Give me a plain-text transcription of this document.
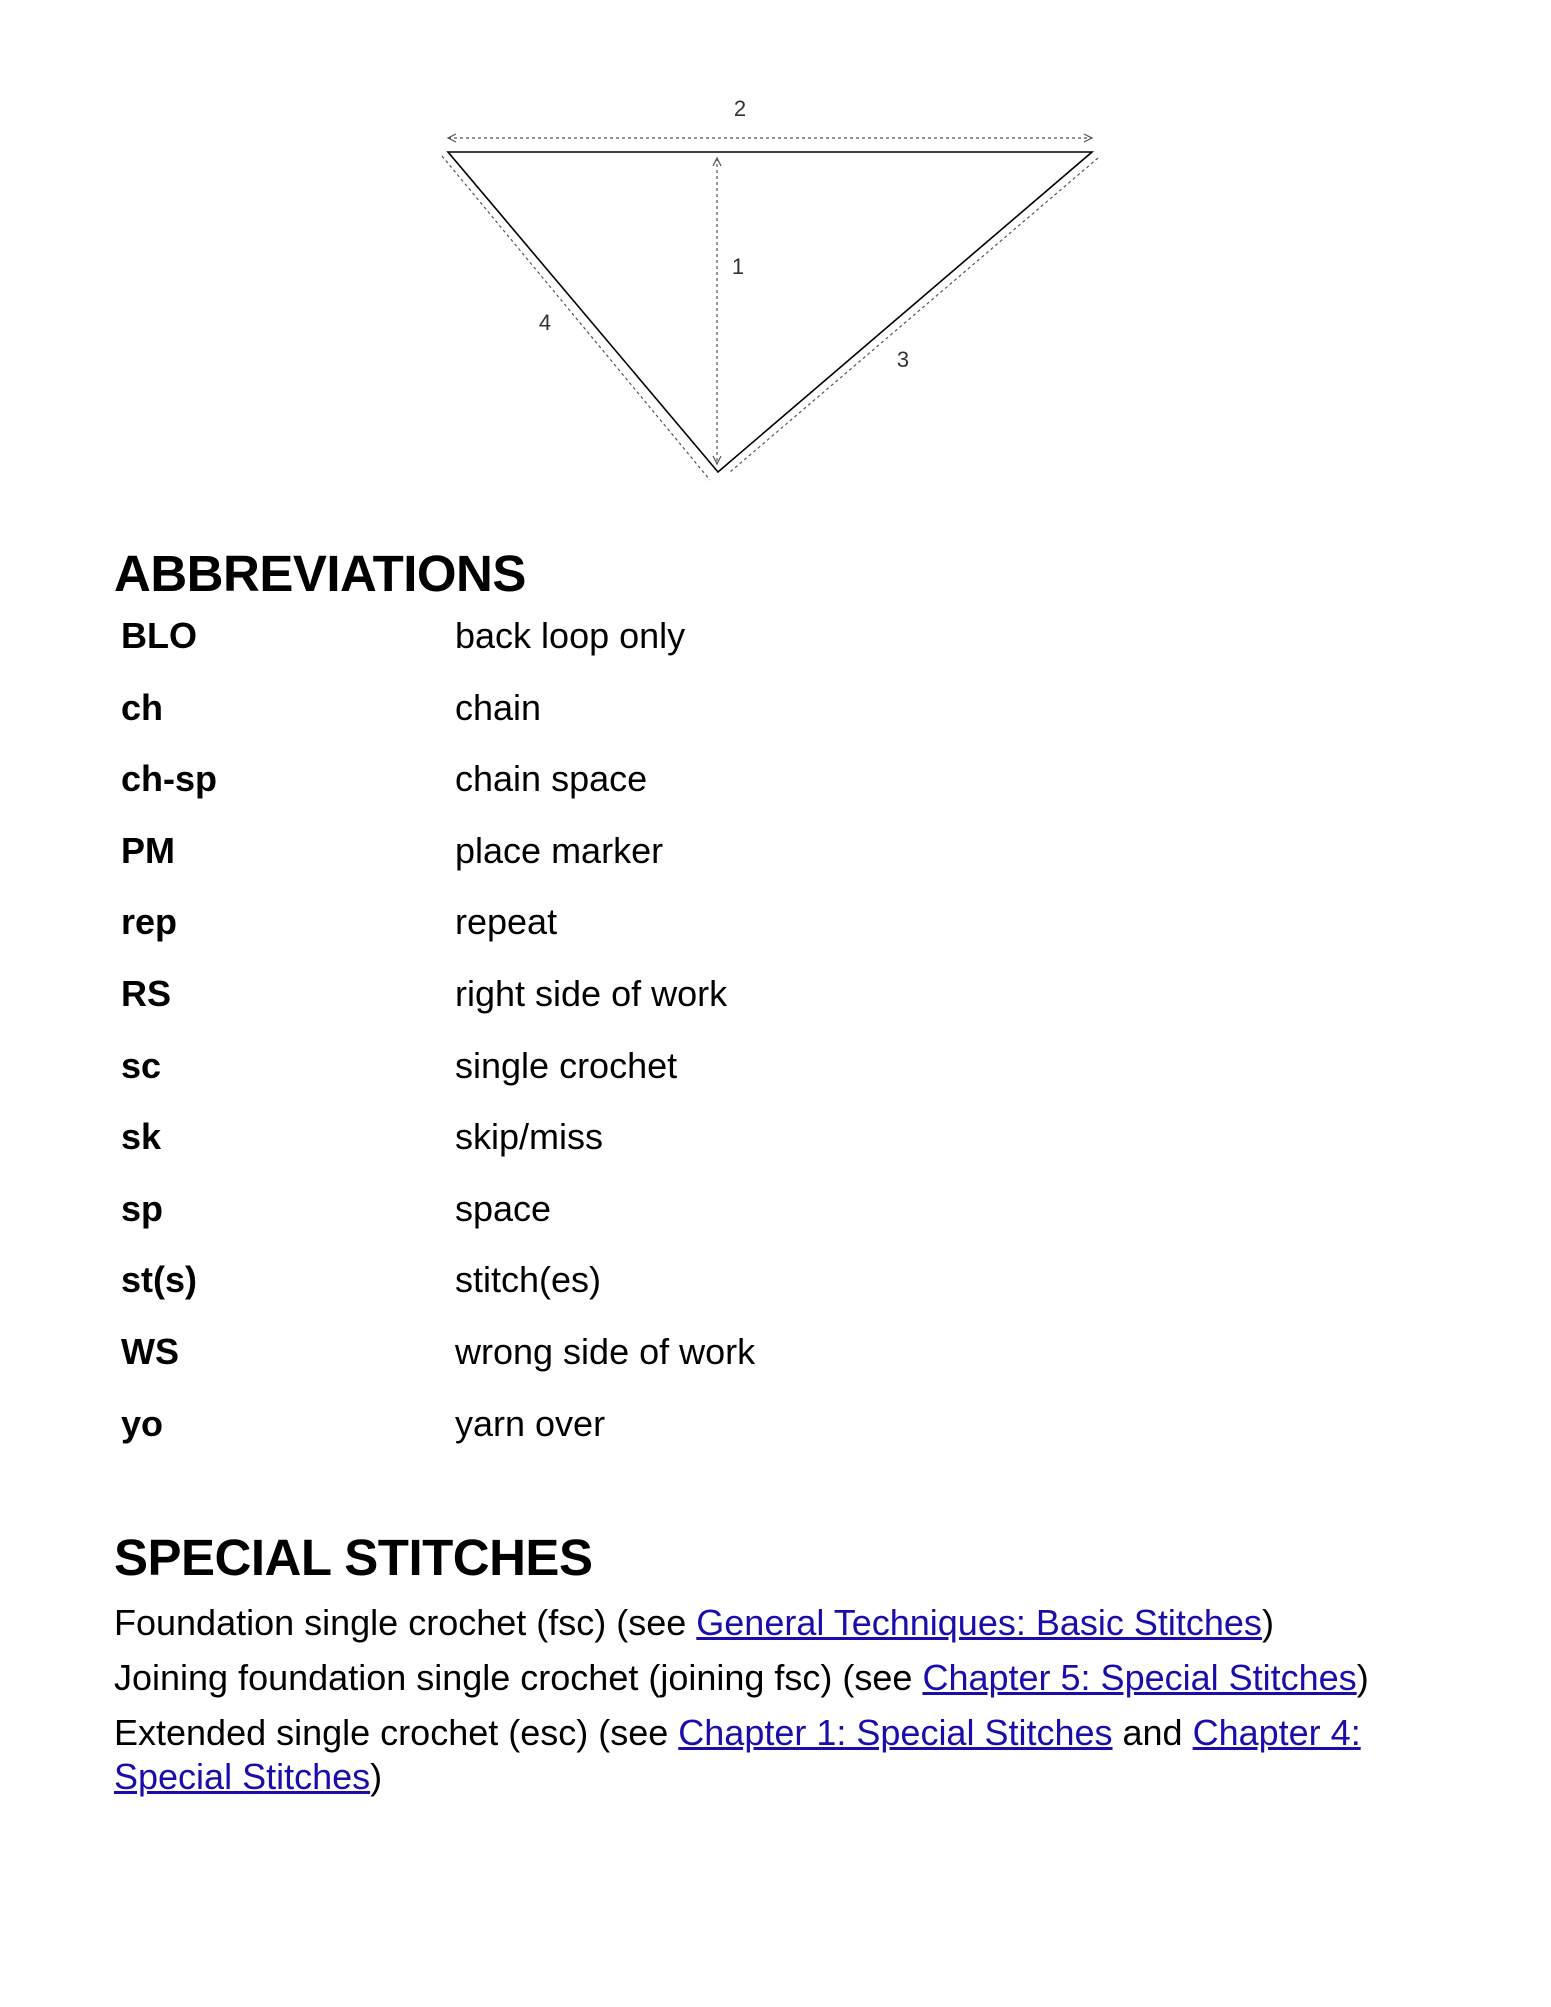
2
1
4
3
ABBREVIATIONS
BLO	back loop only
ch	chain
ch-sp	chain space
PM	place marker
rep	repeat
RS	right side of work
sc	single crochet
sk	skip/miss
sp	space
st(s)	stitch(es)
WS	wrong side of work
yo	yarn over
SPECIAL STITCHES
Foundation single crochet (fsc) (see General Techniques: Basic Stitches)
Joining foundation single crochet (joining fsc) (see Chapter 5: Special Stitches)
Extended single crochet (esc) (see Chapter 1: Special Stitches and Chapter 4: Special Stitches)
